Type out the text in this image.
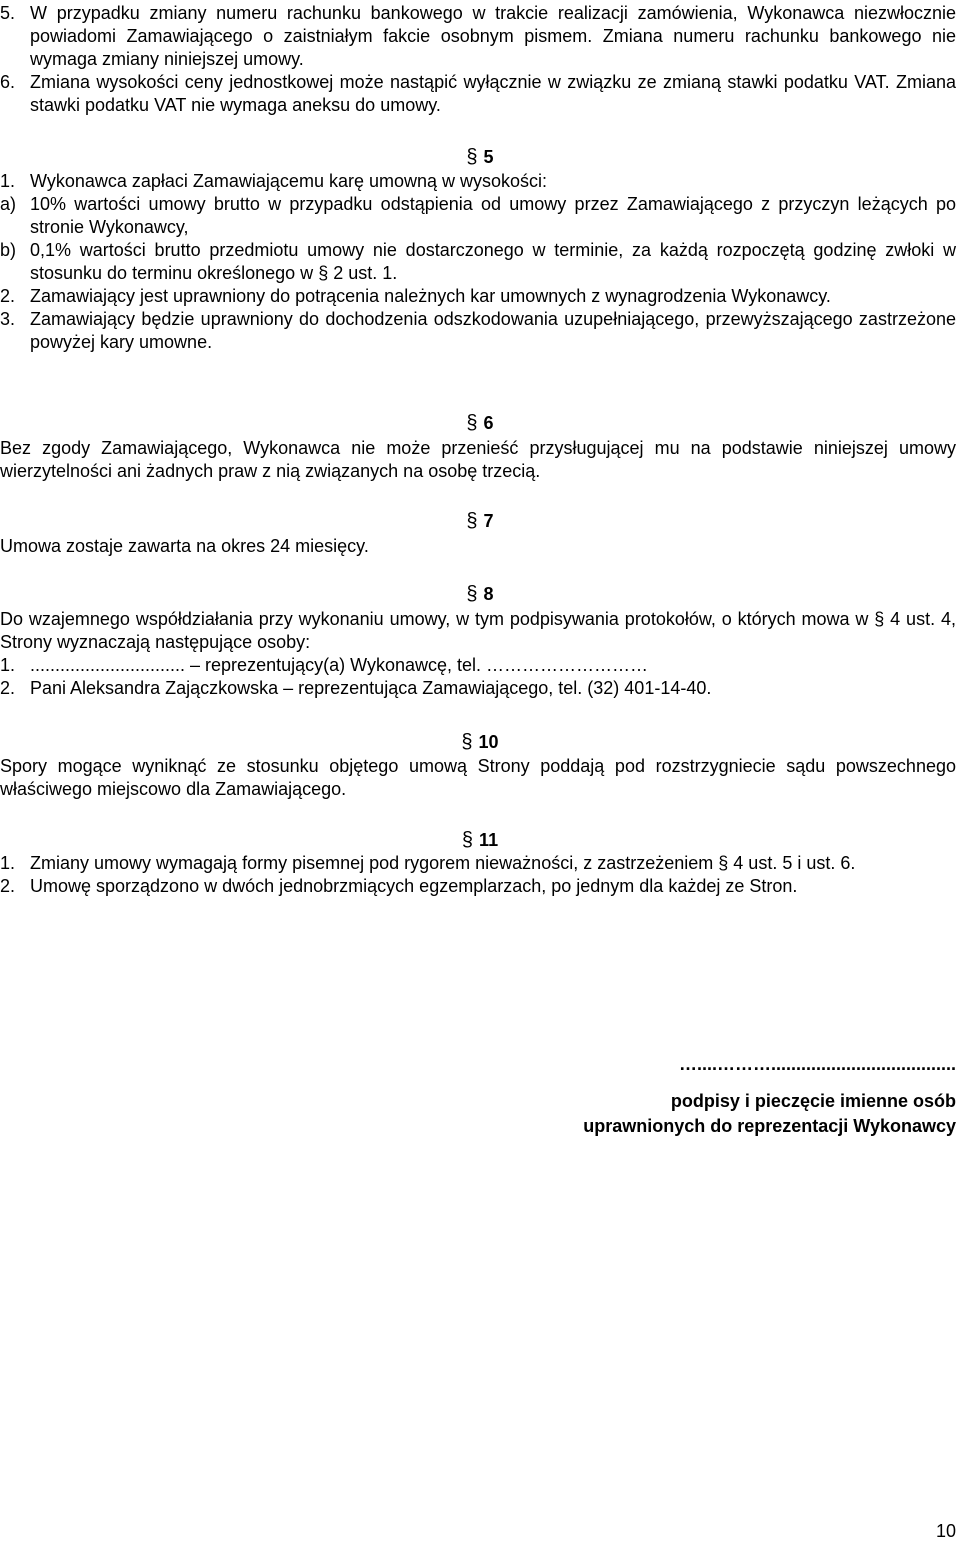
5. W przypadku zmiany numeru rachunku bankowego w trakcie realizacji zamówienia, Wykonawca niezwłocznie powiadomi Zamawiającego o zaistniałym fakcie osobnym pismem. Zmiana numeru rachunku bankowego nie wymaga zmiany niniejszej umowy.
6. Zmiana wysokości ceny jednostkowej może nastąpić wyłącznie w związku ze zmianą stawki podatku VAT. Zmiana stawki podatku VAT nie wymaga aneksu do umowy.
§ 5
1. Wykonawca zapłaci Zamawiającemu karę umowną w wysokości:
a) 10% wartości umowy brutto w przypadku odstąpienia od umowy przez Zamawiającego z przyczyn leżących po stronie Wykonawcy,
b) 0,1% wartości brutto przedmiotu umowy nie dostarczonego w terminie, za każdą rozpoczętą godzinę zwłoki w stosunku do terminu określonego w § 2 ust. 1.
2. Zamawiający jest uprawniony do potrącenia należnych kar umownych z wynagrodzenia Wykonawcy.
3. Zamawiający będzie uprawniony do dochodzenia odszkodowania uzupełniającego, przewyższającego zastrzeżone powyżej kary umowne.
§ 6
Bez zgody Zamawiającego, Wykonawca nie może przenieść przysługującej mu na podstawie niniejszej umowy wierzytelności ani żadnych praw z nią związanych na osobę trzecią.
§ 7
Umowa zostaje zawarta na okres 24 miesięcy.
§ 8
Do wzajemnego współdziałania przy wykonaniu umowy, w tym podpisywania protokołów, o których mowa w § 4 ust. 4, Strony wyznaczają następujące osoby:
1. ............................... – reprezentujący(a) Wykonawcę, tel. ………………………
2. Pani Aleksandra Zajączkowska – reprezentująca Zamawiającego, tel. (32) 401-14-40.
§ 10
Spory mogące wyniknąć ze stosunku objętego umową Strony poddają pod rozstrzygniecie sądu powszechnego właściwego miejscowo dla Zamawiającego.
§ 11
1. Zmiany umowy wymagają formy pisemnej pod rygorem nieważności, z zastrzeżeniem § 4 ust. 5 i ust. 6.
2. Umowę sporządzono w dwóch jednobrzmiących egzemplarzach, po jednym dla każdej ze Stron.
…....……….....................................
podpisy i pieczęcie imienne osób
uprawnionych do reprezentacji Wykonawcy
10
